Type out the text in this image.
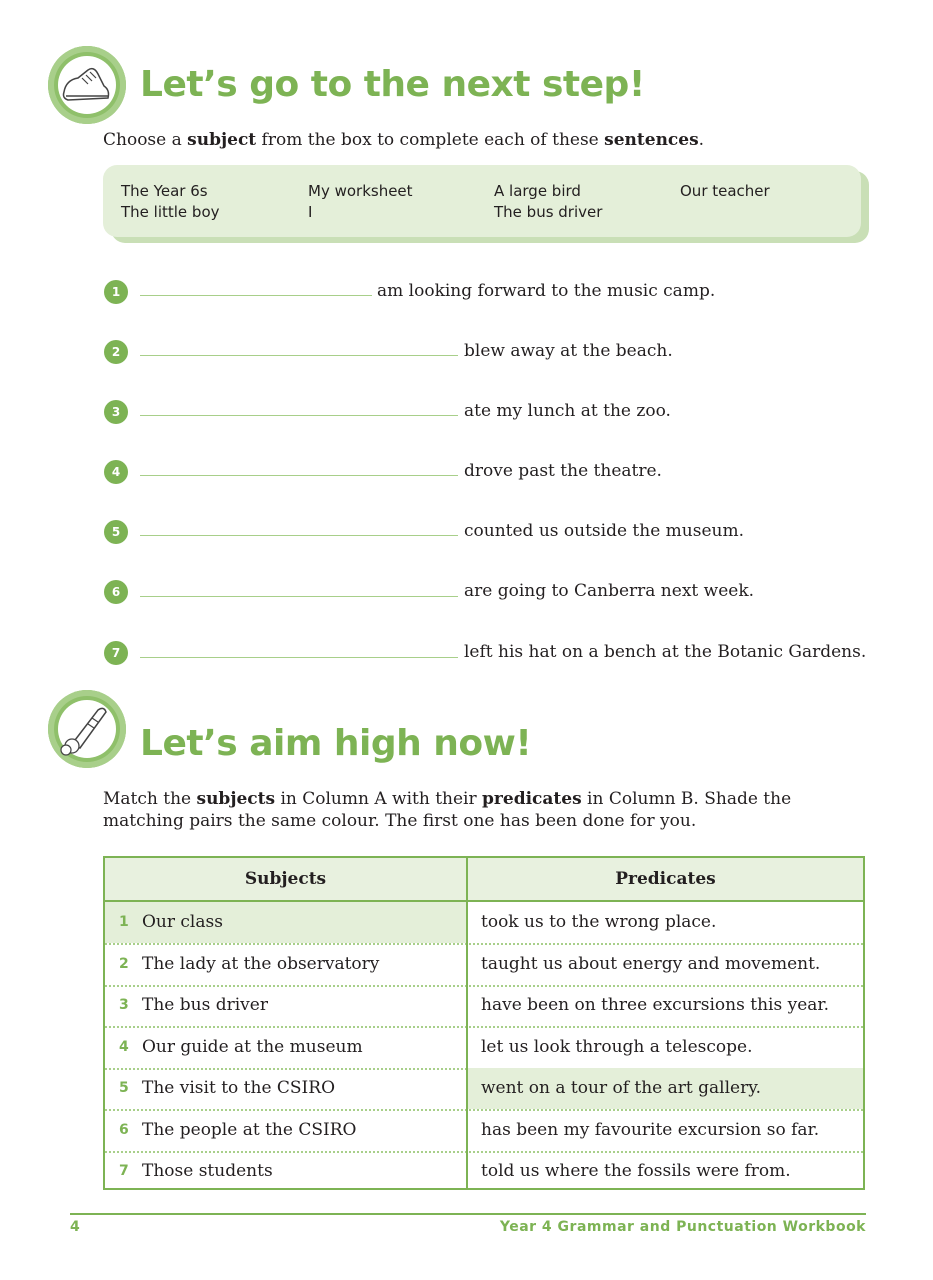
Let’s go to the next step!
Choose a subject from the box to complete each of these sentences.
The Year 6s	My worksheet	A large bird	Our teacher
The little boy	I	The bus driver
1	am looking forward to the music camp.
2	blew away at the beach.
3	ate my lunch at the zoo.
4	drove past the theatre.
5	counted us outside the museum.
6	are going to Canberra next week.
7	left his hat on a bench at the Botanic Gardens.
Let’s aim high now!
Match the subjects in Column A with their predicates in Column B. Shade the
matching pairs the same colour. The first one has been done for you.
Subjects	Predicates
1 Our class	took us to the wrong place.
2 The lady at the observatory	taught us about energy and movement.
3 The bus driver	have been on three excursions this year.
4 Our guide at the museum	let us look through a telescope.
5 The visit to the CSIRO	went on a tour of the art gallery.
6 The people at the CSIRO	has been my favourite excursion so far.
7 Those students	told us where the fossils were from.
4	Year 4 Grammar and Punctuation Workbook
